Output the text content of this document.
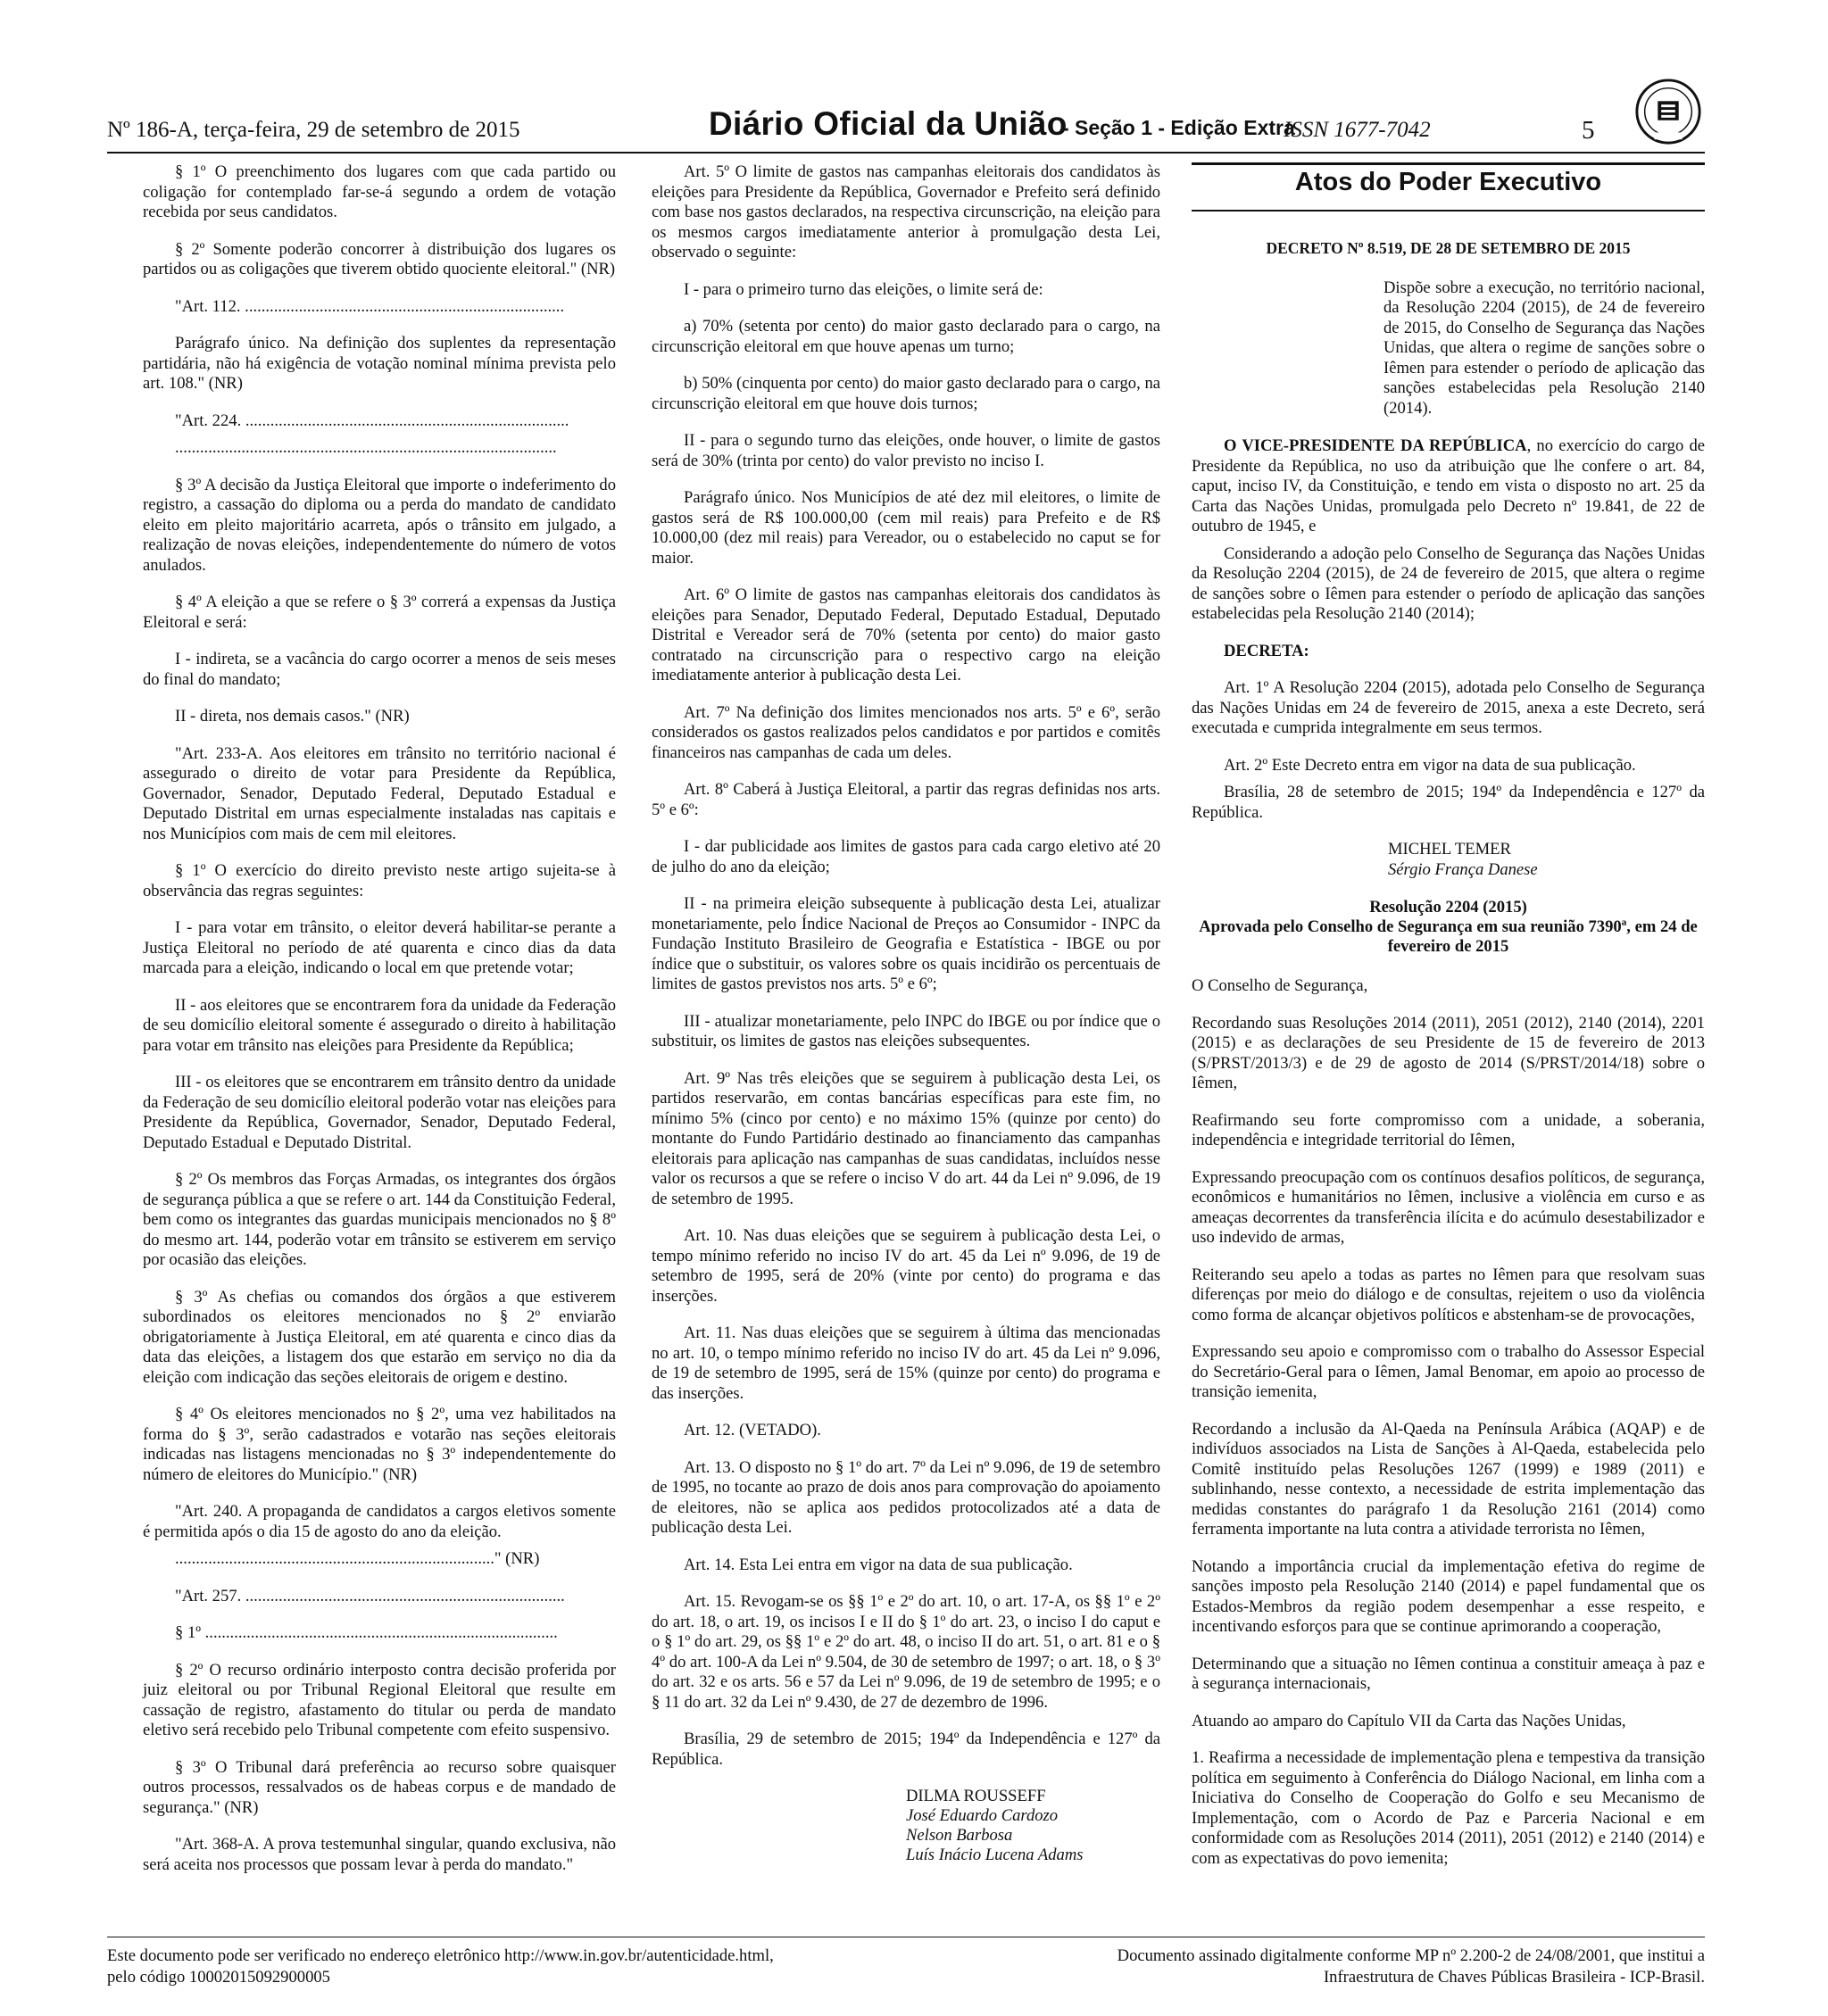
Nº 186-A, terça-feira, 29 de setembro de 2015	Diário Oficial da União
- Seção 1 - Edição Extra
ISSN 1677-7042	5

§ 1º O preenchimento dos lugares com que cada partido ou coligação for contemplado far-se-á segundo a ordem de votação recebida por seus candidatos.

§ 2º Somente poderão concorrer à distribuição dos lugares os partidos ou as coligações que tiverem obtido quociente eleitoral." (NR)

"Art. 112. .............................................................................

Parágrafo único. Na definição dos suplentes da representação partidária, não há exigência de votação nominal mínima prevista pelo art. 108." (NR)

"Art. 224. ..............................................................................

............................................................................................

§ 3º A decisão da Justiça Eleitoral que importe o indeferimento do registro, a cassação do diploma ou a perda do mandato de candidato eleito em pleito majoritário acarreta, após o trânsito em julgado, a realização de novas eleições, independentemente do número de votos anulados.

§ 4º A eleição a que se refere o § 3º correrá a expensas da Justiça Eleitoral e será:

I - indireta, se a vacância do cargo ocorrer a menos de seis meses do final do mandato;

II - direta, nos demais casos." (NR)

"Art. 233-A. Aos eleitores em trânsito no território nacional é assegurado o direito de votar para Presidente da República, Governador, Senador, Deputado Federal, Deputado Estadual e Deputado Distrital em urnas especialmente instaladas nas capitais e nos Municípios com mais de cem mil eleitores.

§ 1º O exercício do direito previsto neste artigo sujeita-se à observância das regras seguintes:

I - para votar em trânsito, o eleitor deverá habilitar-se perante a Justiça Eleitoral no período de até quarenta e cinco dias da data marcada para a eleição, indicando o local em que pretende votar;

II - aos eleitores que se encontrarem fora da unidade da Federação de seu domicílio eleitoral somente é assegurado o direito à habilitação para votar em trânsito nas eleições para Presidente da República;

III - os eleitores que se encontrarem em trânsito dentro da unidade da Federação de seu domicílio eleitoral poderão votar nas eleições para Presidente da República, Governador, Senador, Deputado Federal, Deputado Estadual e Deputado Distrital.

§ 2º Os membros das Forças Armadas, os integrantes dos órgãos de segurança pública a que se refere o art. 144 da Constituição Federal, bem como os integrantes das guardas municipais mencionados no § 8º do mesmo art. 144, poderão votar em trânsito se estiverem em serviço por ocasião das eleições.

§ 3º As chefias ou comandos dos órgãos a que estiverem subordinados os eleitores mencionados no § 2º enviarão obrigatoriamente à Justiça Eleitoral, em até quarenta e cinco dias da data das eleições, a listagem dos que estarão em serviço no dia da eleição com indicação das seções eleitorais de origem e destino.

§ 4º Os eleitores mencionados no § 2º, uma vez habilitados na forma do § 3º, serão cadastrados e votarão nas seções eleitorais indicadas nas listagens mencionadas no § 3º independentemente do número de eleitores do Município." (NR)

"Art. 240. A propaganda de candidatos a cargos eletivos somente é permitida após o dia 15 de agosto do ano da eleição.

............................................................................." (NR)

"Art. 257. .............................................................................

§ 1º .....................................................................................

§ 2º O recurso ordinário interposto contra decisão proferida por juiz eleitoral ou por Tribunal Regional Eleitoral que resulte em cassação de registro, afastamento do titular ou perda de mandato eletivo será recebido pelo Tribunal competente com efeito suspensivo.

§ 3º O Tribunal dará preferência ao recurso sobre quaisquer outros processos, ressalvados os de habeas corpus e de mandado de segurança." (NR)

"Art. 368-A. A prova testemunhal singular, quando exclusiva, não será aceita nos processos que possam levar à perda do mandato."

Art. 5º O limite de gastos nas campanhas eleitorais dos candidatos às eleições para Presidente da República, Governador e Prefeito será definido com base nos gastos declarados, na respectiva circunscrição, na eleição para os mesmos cargos imediatamente anterior à promulgação desta Lei, observado o seguinte:

I - para o primeiro turno das eleições, o limite será de:

a) 70% (setenta por cento) do maior gasto declarado para o cargo, na circunscrição eleitoral em que houve apenas um turno;

b) 50% (cinquenta por cento) do maior gasto declarado para o cargo, na circunscrição eleitoral em que houve dois turnos;

II - para o segundo turno das eleições, onde houver, o limite de gastos será de 30% (trinta por cento) do valor previsto no inciso I.

Parágrafo único. Nos Municípios de até dez mil eleitores, o limite de gastos será de R$ 100.000,00 (cem mil reais) para Prefeito e de R$ 10.000,00 (dez mil reais) para Vereador, ou o estabelecido no caput se for maior.

Art. 6º O limite de gastos nas campanhas eleitorais dos candidatos às eleições para Senador, Deputado Federal, Deputado Estadual, Deputado Distrital e Vereador será de 70% (setenta por cento) do maior gasto contratado na circunscrição para o respectivo cargo na eleição imediatamente anterior à publicação desta Lei.

Art. 7º Na definição dos limites mencionados nos arts. 5º e 6º, serão considerados os gastos realizados pelos candidatos e por partidos e comitês financeiros nas campanhas de cada um deles.

Art. 8º Caberá à Justiça Eleitoral, a partir das regras definidas nos arts. 5º e 6º:

I - dar publicidade aos limites de gastos para cada cargo eletivo até 20 de julho do ano da eleição;

II - na primeira eleição subsequente à publicação desta Lei, atualizar monetariamente, pelo Índice Nacional de Preços ao Consumidor - INPC da Fundação Instituto Brasileiro de Geografia e Estatística - IBGE ou por índice que o substituir, os valores sobre os quais incidirão os percentuais de limites de gastos previstos nos arts. 5º e 6º;

III - atualizar monetariamente, pelo INPC do IBGE ou por índice que o substituir, os limites de gastos nas eleições subsequentes.

Art. 9º Nas três eleições que se seguirem à publicação desta Lei, os partidos reservarão, em contas bancárias específicas para este fim, no mínimo 5% (cinco por cento) e no máximo 15% (quinze por cento) do montante do Fundo Partidário destinado ao financiamento das campanhas eleitorais para aplicação nas campanhas de suas candidatas, incluídos nesse valor os recursos a que se refere o inciso V do art. 44 da Lei nº 9.096, de 19 de setembro de 1995.

Art. 10. Nas duas eleições que se seguirem à publicação desta Lei, o tempo mínimo referido no inciso IV do art. 45 da Lei nº 9.096, de 19 de setembro de 1995, será de 20% (vinte por cento) do programa e das inserções.

Art. 11. Nas duas eleições que se seguirem à última das mencionadas no art. 10, o tempo mínimo referido no inciso IV do art. 45 da Lei nº 9.096, de 19 de setembro de 1995, será de 15% (quinze por cento) do programa e das inserções.

Art. 12. (VETADO).

Art. 13. O disposto no § 1º do art. 7º da Lei nº 9.096, de 19 de setembro de 1995, no tocante ao prazo de dois anos para comprovação do apoiamento de eleitores, não se aplica aos pedidos protocolizados até a data de publicação desta Lei.

Art. 14. Esta Lei entra em vigor na data de sua publicação.

Art. 15. Revogam-se os §§ 1º e 2º do art. 10, o art. 17-A, os §§ 1º e 2º do art. 18, o art. 19, os incisos I e II do § 1º do art. 23, o inciso I do caput e o § 1º do art. 29, os §§ 1º e 2º do art. 48, o inciso II do art. 51, o art. 81 e o § 4º do art. 100-A da Lei nº 9.504, de 30 de setembro de 1997; o art. 18, o § 3º do art. 32 e os arts. 56 e 57 da Lei nº 9.096, de 19 de setembro de 1995; e o § 11 do art. 32 da Lei nº 9.430, de 27 de dezembro de 1996.

Brasília, 29 de setembro de 2015; 194º da Independência e 127º da República.

DILMA ROUSSEFF
José Eduardo Cardozo
Nelson Barbosa
Luís Inácio Lucena Adams
Atos do Poder Executivo
DECRETO Nº 8.519, DE 28 DE SETEMBRO DE 2015
Dispõe sobre a execução, no território nacional, da Resolução 2204 (2015), de 24 de fevereiro de 2015, do Conselho de Segurança das Nações Unidas, que altera o regime de sanções sobre o Iêmen para estender o período de aplicação das sanções estabelecidas pela Resolução 2140 (2014).

O VICE-PRESIDENTE DA REPÚBLICA, no exercício do cargo de Presidente da República, no uso da atribuição que lhe confere o art. 84, caput, inciso IV, da Constituição, e tendo em vista o disposto no art. 25 da Carta das Nações Unidas, promulgada pelo Decreto nº 19.841, de 22 de outubro de 1945, e

Considerando a adoção pelo Conselho de Segurança das Nações Unidas da Resolução 2204 (2015), de 24 de fevereiro de 2015, que altera o regime de sanções sobre o Iêmen para estender o período de aplicação das sanções estabelecidas pela Resolução 2140 (2014);

DECRETA:

Art. 1º A Resolução 2204 (2015), adotada pelo Conselho de Segurança das Nações Unidas em 24 de fevereiro de 2015, anexa a este Decreto, será executada e cumprida integralmente em seus termos.

Art. 2º Este Decreto entra em vigor na data de sua publicação.

Brasília, 28 de setembro de 2015; 194º da Independência e 127º da República.

MICHEL TEMER
Sérgio França Danese
Resolução 2204 (2015)
Aprovada pelo Conselho de Segurança em sua reunião 7390ª, em 24 de fevereiro de 2015

O Conselho de Segurança,

Recordando suas Resoluções 2014 (2011), 2051 (2012), 2140 (2014), 2201 (2015) e as declarações de seu Presidente de 15 de fevereiro de 2013 (S/PRST/2013/3) e de 29 de agosto de 2014 (S/PRST/2014/18) sobre o Iêmen,

Reafirmando seu forte compromisso com a unidade, a soberania, independência e integridade territorial do Iêmen,

Expressando preocupação com os contínuos desafios políticos, de segurança, econômicos e humanitários no Iêmen, inclusive a violência em curso e as ameaças decorrentes da transferência ilícita e do acúmulo desestabilizador e uso indevido de armas,

Reiterando seu apelo a todas as partes no Iêmen para que resolvam suas diferenças por meio do diálogo e de consultas, rejeitem o uso da violência como forma de alcançar objetivos políticos e abstenham-se de provocações,

Expressando seu apoio e compromisso com o trabalho do Assessor Especial do Secretário-Geral para o Iêmen, Jamal Benomar, em apoio ao processo de transição iemenita,

Recordando a inclusão da Al-Qaeda na Península Arábica (AQAP) e de indivíduos associados na Lista de Sanções à Al-Qaeda, estabelecida pelo Comitê instituído pelas Resoluções 1267 (1999) e 1989 (2011) e sublinhando, nesse contexto, a necessidade de estrita implementação das medidas constantes do parágrafo 1 da Resolução 2161 (2014) como ferramenta importante na luta contra a atividade terrorista no Iêmen,

Notando a importância crucial da implementação efetiva do regime de sanções imposto pela Resolução 2140 (2014) e papel fundamental que os Estados-Membros da região podem desempenhar a esse respeito, e incentivando esforços para que se continue aprimorando a cooperação,

Determinando que a situação no Iêmen continua a constituir ameaça à paz e à segurança internacionais,

Atuando ao amparo do Capítulo VII da Carta das Nações Unidas,

1. Reafirma a necessidade de implementação plena e tempestiva da transição política em seguimento à Conferência do Diálogo Nacional, em linha com a Iniciativa do Conselho de Cooperação do Golfo e seu Mecanismo de Implementação, com o Acordo de Paz e Parceria Nacional e em conformidade com as Resoluções 2014 (2011), 2051 (2012) e 2140 (2014) e com as expectativas do povo iemenita;

Este documento pode ser verificado no endereço eletrônico http://www.in.gov.br/autenticidade.html,
pelo código 10002015092900005
Documento assinado digitalmente conforme MP nº 2.200-2 de 24/08/2001, que institui a
Infraestrutura de Chaves Públicas Brasileira - ICP-Brasil.
